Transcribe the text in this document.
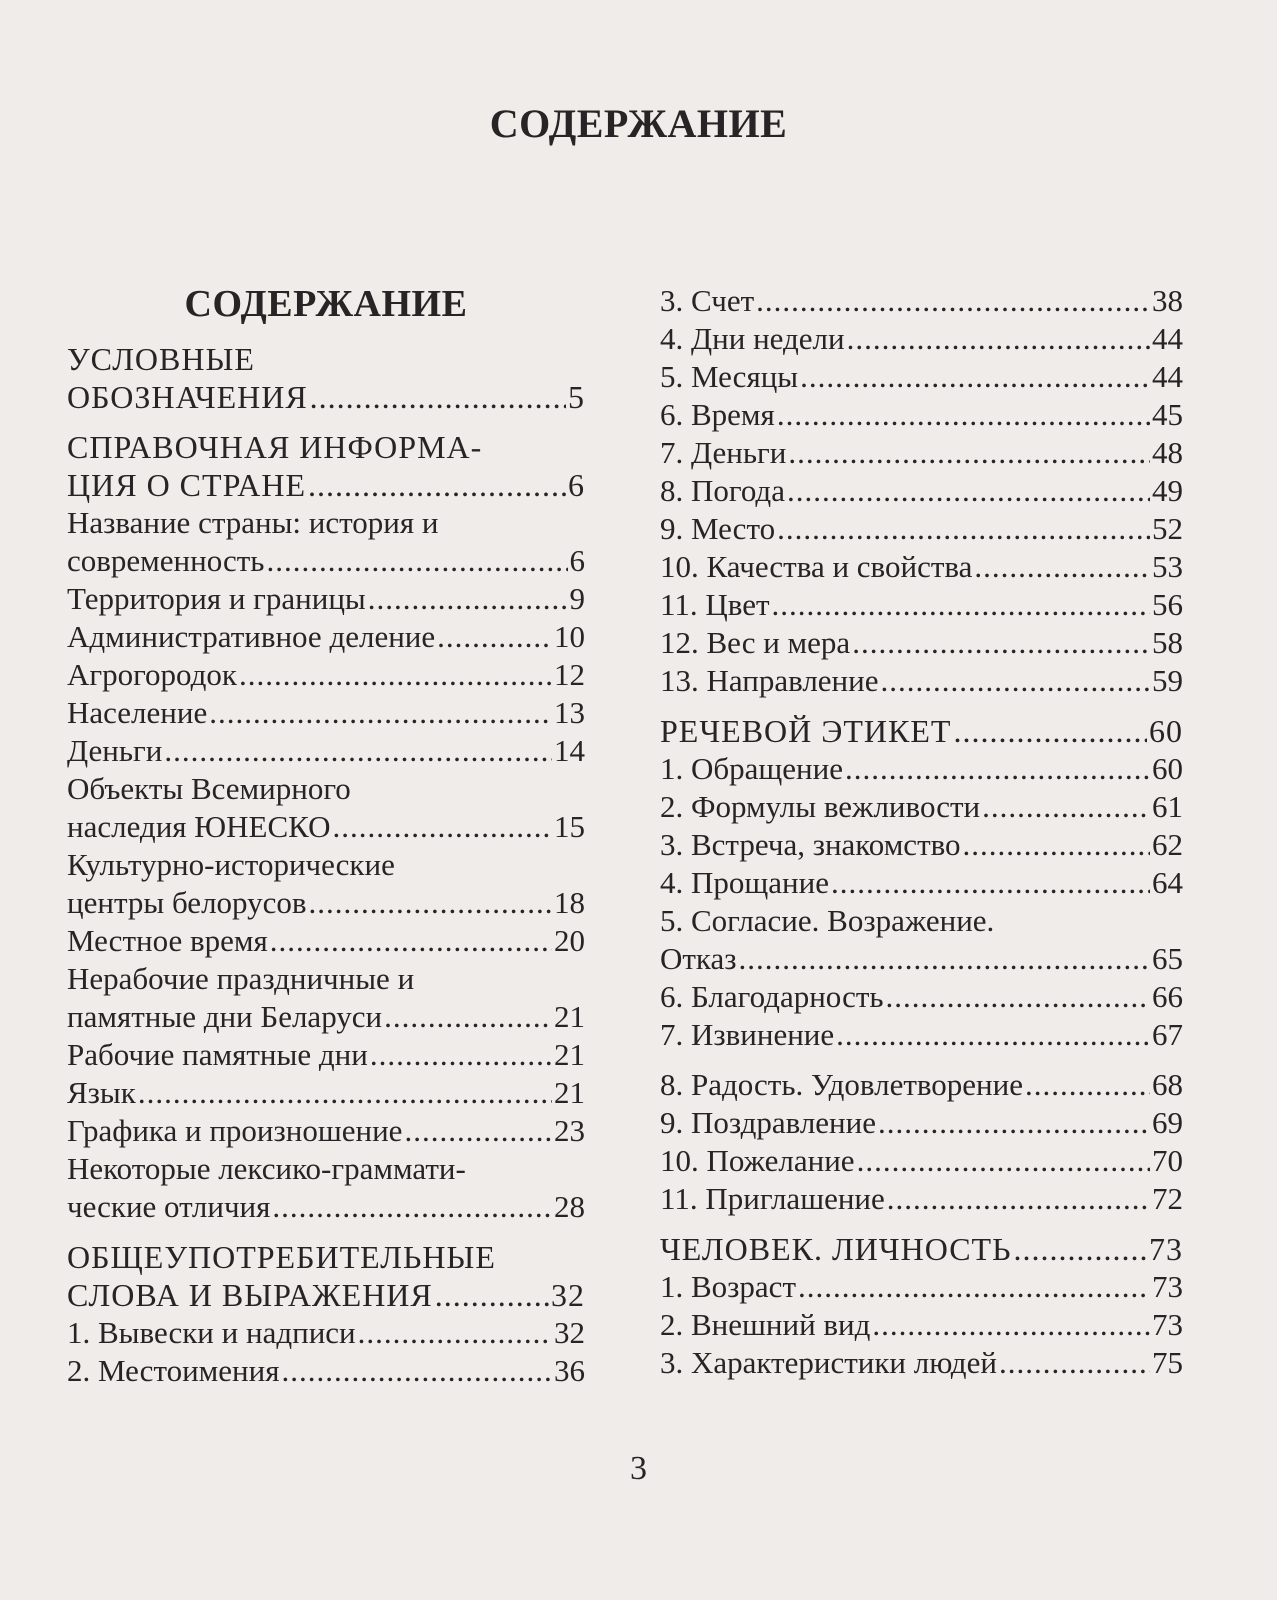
СОДЕРЖАНИЕ
СОДЕРЖАНИЕ
УСЛОВНЫЕ
ОБОЗНАЧЕНИЯ .....	5
СПРАВОЧНАЯ ИНФОРМА-
ЦИЯ О СТРАНЕ .....	6
Название страны: история и
современность .....	6
Территория и границы .....	9
Административное деление .....	10
Агрогородок .....	12
Население .....	13
Деньги .....	14
Объекты Всемирного
наследия ЮНЕСКО .....	15
Культурно-исторические
центры белорусов .....	18
Местное время .....	20
Нерабочие праздничные и
памятные дни Беларуси .....	21
Рабочие памятные дни .....	21
Язык .....	21
Графика и произношение .....	23
Некоторые лексико-граммати-
ческие отличия .....	28
ОБЩЕУПОТРЕБИТЕЛЬНЫЕ
СЛОВА И ВЫРАЖЕНИЯ .....	32
1. Вывески и надписи .....	32
2. Местоимения .....	36
3. Счет .....	38
4. Дни недели .....	44
5. Месяцы .....	44
6. Время .....	45
7. Деньги .....	48
8. Погода .....	49
9. Место .....	52
10. Качества и свойства .....	53
11. Цвет .....	56
12. Вес и мера .....	58
13. Направление .....	59
РЕЧЕВОЙ ЭТИКЕТ .....	60
1. Обращение .....	60
2. Формулы вежливости .....	61
3. Встреча, знакомство .....	62
4. Прощание .....	64
5. Согласие. Возражение.
Отказ .....	65
6. Благодарность .....	66
7. Извинение .....	67
8. Радость. Удовлетворение .....	68
9. Поздравление .....	69
10. Пожелание .....	70
11. Приглашение .....	72
ЧЕЛОВЕК. ЛИЧНОСТЬ .....	73
1. Возраст .....	73
2. Внешний вид .....	73
3. Характеристики людей .....	75
3
